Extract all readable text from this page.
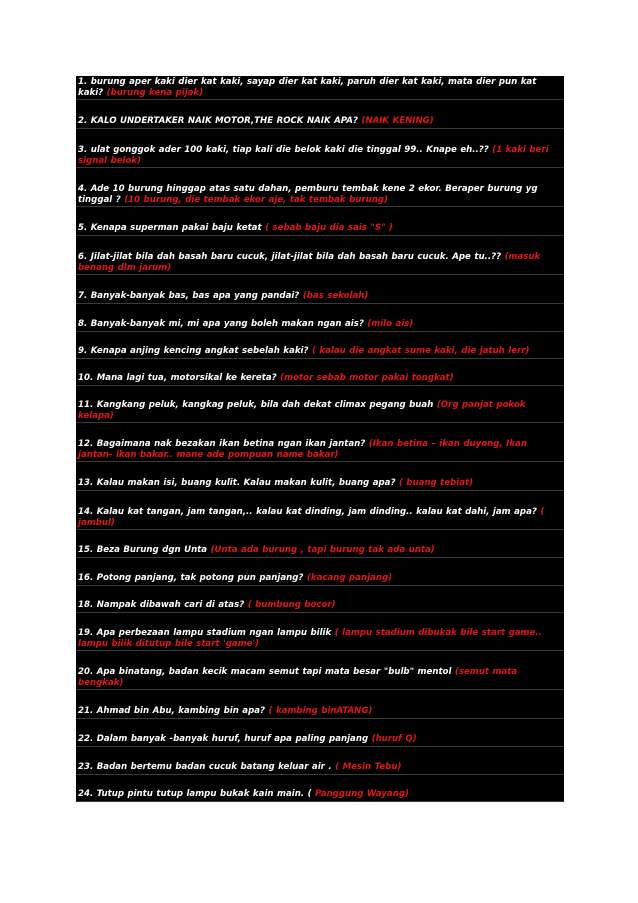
1. burung aper kaki dier kat kaki, sayap dier kat kaki, paruh dier kat kaki, mata dier pun kat kaki? (burung kena pijak)
2. KALO UNDERTAKER NAIK MOTOR,THE ROCK NAIK APA? (NAIK KENING)
3. ulat gonggok ader 100 kaki, tiap kali die belok kaki die tinggal 99.. Knape eh..?? (1 kaki beri signal belok)
4. Ade 10 burung hinggap atas satu dahan, pemburu tembak kene 2 ekor. Beraper burung yg tinggal ? (10 burung, die tembak ekor aje, tak tembak burung)
5. Kenapa superman pakai baju ketat ( sebab baju dia sais "S" )
6. Jilat-jilat bila dah basah baru cucuk, jilat-jilat bila dah basah baru cucuk. Ape tu..?? (masuk benang dlm jarum)
7. Banyak-banyak bas, bas apa yang pandai? (bas sekolah)
8. Banyak-banyak mi, mi apa yang boleh makan ngan ais? (milo ais)
9. Kenapa anjing kencing angkat sebelah kaki? ( kalau die angkat sume kaki, die jatuh lerr)
10. Mana lagi tua, motorsikal ke kereta? (motor sebab motor pakai tongkat)
11. Kangkang peluk, kangkag peluk, bila dah dekat climax pegang buah (Org panjat pokok kelapa)
12. Bagaimana nak bezakan ikan betina ngan ikan jantan? (Ikan betina – ikan duyong, Ikan jantan- ikan bakar.. mane ade pompuan name bakar)
13. Kalau makan isi, buang kulit. Kalau makan kulit, buang apa? ( buang tebiat)
14. Kalau kat tangan, jam tangan,.. kalau kat dinding, jam dinding.. kalau kat dahi, jam apa? ( jambul)
15. Beza Burung dgn Unta (Unta ada burung , tapi burung tak ada unta)
16. Potong panjang, tak potong pun panjang? (kacang panjang)
18. Nampak dibawah cari di atas? ( bumbung bocor)
19. Apa perbezaan lampu stadium ngan lampu bilik ( lampu stadium dibukak bile start game.. lampu bilik ditutup bile start 'game')
20. Apa binatang, badan kecik macam semut tapi mata besar "bulb" mentol (semut mata bengkak)
21. Ahmad bin Abu, kambing bin apa? ( kambing binATANG)
22. Dalam banyak -banyak huruf, huruf apa paling panjang (huruf Q)
23. Badan bertemu badan cucuk batang keluar air . ( Mesin Tebu)
24. Tutup pintu tutup lampu bukak kain main. ( Panggung Wayang)
